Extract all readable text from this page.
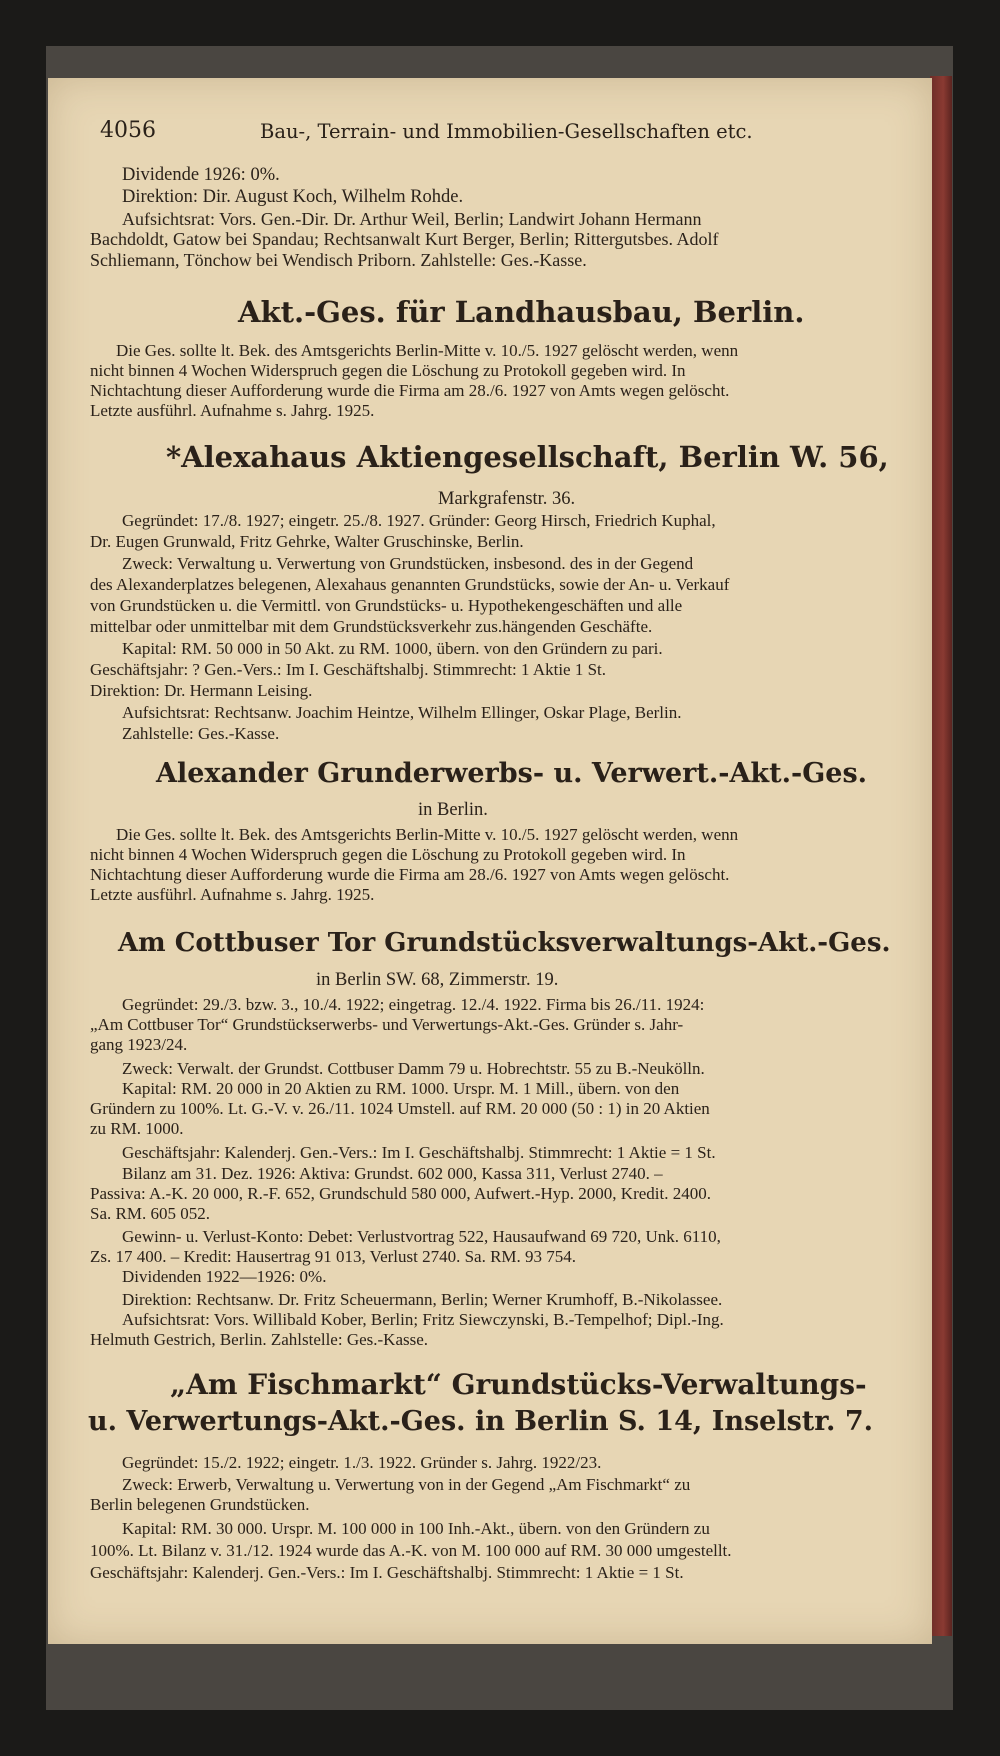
4056	Bau-, Terrain- und Immobilien-Gesellschaften etc.
Dividende 1926: 0%.
Direktion: Dir. August Koch, Wilhelm Rohde.
Aufsichtsrat: Vors. Gen.-Dir. Dr. Arthur Weil, Berlin; Landwirt Johann Hermann
Bachdoldt, Gatow bei Spandau; Rechtsanwalt Kurt Berger, Berlin; Rittergutsbes. Adolf
Schliemann, Tönchow bei Wendisch Priborn. Zahlstelle: Ges.-Kasse.
Akt.-Ges. für Landhausbau, Berlin.
Die Ges. sollte lt. Bek. des Amtsgerichts Berlin-Mitte v. 10./5. 1927 gelöscht werden, wenn
nicht binnen 4 Wochen Widerspruch gegen die Löschung zu Protokoll gegeben wird. In
Nichtachtung dieser Aufforderung wurde die Firma am 28./6. 1927 von Amts wegen gelöscht.
Letzte ausführl. Aufnahme s. Jahrg. 1925.
*Alexahaus Aktiengesellschaft, Berlin W. 56,
Markgrafenstr. 36.
Gegründet: 17./8. 1927; eingetr. 25./8. 1927. Gründer: Georg Hirsch, Friedrich Kuphal,
Dr. Eugen Grunwald, Fritz Gehrke, Walter Gruschinske, Berlin.
Zweck: Verwaltung u. Verwertung von Grundstücken, insbesond. des in der Gegend
des Alexanderplatzes belegenen, Alexahaus genannten Grundstücks, sowie der An- u. Verkauf
von Grundstücken u. die Vermittl. von Grundstücks- u. Hypothekengeschäften und alle
mittelbar oder unmittelbar mit dem Grundstücksverkehr zus.hängenden Geschäfte.
Kapital: RM. 50 000 in 50 Akt. zu RM. 1000, übern. von den Gründern zu pari.
Geschäftsjahr: ? Gen.-Vers.: Im I. Geschäftshalbj. Stimmrecht: 1 Aktie 1 St.
Direktion: Dr. Hermann Leising.
Aufsichtsrat: Rechtsanw. Joachim Heintze, Wilhelm Ellinger, Oskar Plage, Berlin.
Zahlstelle: Ges.-Kasse.
Alexander Grunderwerbs- u. Verwert.-Akt.-Ges.
in Berlin.
Die Ges. sollte lt. Bek. des Amtsgerichts Berlin-Mitte v. 10./5. 1927 gelöscht werden, wenn
nicht binnen 4 Wochen Widerspruch gegen die Löschung zu Protokoll gegeben wird. In
Nichtachtung dieser Aufforderung wurde die Firma am 28./6. 1927 von Amts wegen gelöscht.
Letzte ausführl. Aufnahme s. Jahrg. 1925.
Am Cottbuser Tor Grundstücksverwaltungs-Akt.-Ges.
in Berlin SW. 68, Zimmerstr. 19.
Gegründet: 29./3. bzw. 3., 10./4. 1922; eingetrag. 12./4. 1922. Firma bis 26./11. 1924:
„Am Cottbuser Tor“ Grundstückserwerbs- und Verwertungs-Akt.-Ges. Gründer s. Jahr-
gang 1923/24.
Zweck: Verwalt. der Grundst. Cottbuser Damm 79 u. Hobrechtstr. 55 zu B.-Neukölln.
Kapital: RM. 20 000 in 20 Aktien zu RM. 1000. Urspr. M. 1 Mill., übern. von den
Gründern zu 100%. Lt. G.-V. v. 26./11. 1024 Umstell. auf RM. 20 000 (50 : 1) in 20 Aktien
zu RM. 1000.
Geschäftsjahr: Kalenderj. Gen.-Vers.: Im I. Geschäftshalbj. Stimmrecht: 1 Aktie = 1 St.
Bilanz am 31. Dez. 1926: Aktiva: Grundst. 602 000, Kassa 311, Verlust 2740. –
Passiva: A.-K. 20 000, R.-F. 652, Grundschuld 580 000, Aufwert.-Hyp. 2000, Kredit. 2400.
Sa. RM. 605 052.
Gewinn- u. Verlust-Konto: Debet: Verlustvortrag 522, Hausaufwand 69 720, Unk. 6110,
Zs. 17 400. – Kredit: Hausertrag 91 013, Verlust 2740. Sa. RM. 93 754.
Dividenden 1922—1926: 0%.
Direktion: Rechtsanw. Dr. Fritz Scheuermann, Berlin; Werner Krumhoff, B.-Nikolassee.
Aufsichtsrat: Vors. Willibald Kober, Berlin; Fritz Siewczynski, B.-Tempelhof; Dipl.-Ing.
Helmuth Gestrich, Berlin. Zahlstelle: Ges.-Kasse.
„Am Fischmarkt“ Grundstücks-Verwaltungs-
u. Verwertungs-Akt.-Ges. in Berlin S. 14, Inselstr. 7.
Gegründet: 15./2. 1922; eingetr. 1./3. 1922. Gründer s. Jahrg. 1922/23.
Zweck: Erwerb, Verwaltung u. Verwertung von in der Gegend „Am Fischmarkt“ zu
Berlin belegenen Grundstücken.
Kapital: RM. 30 000. Urspr. M. 100 000 in 100 Inh.-Akt., übern. von den Gründern zu
100%. Lt. Bilanz v. 31./12. 1924 wurde das A.-K. von M. 100 000 auf RM. 30 000 umgestellt.
Geschäftsjahr: Kalenderj. Gen.-Vers.: Im I. Geschäftshalbj. Stimmrecht: 1 Aktie = 1 St.
